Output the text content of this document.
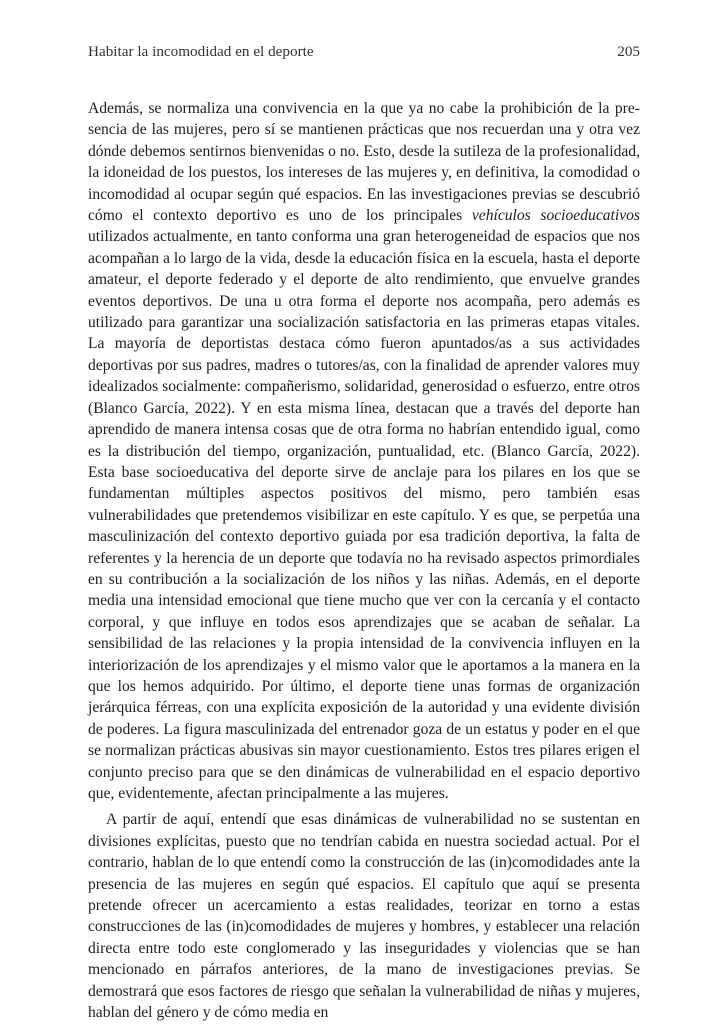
Habitar la incomodidad en el deporte	205

Además, se normaliza una convivencia en la que ya no cabe la prohibición de la presencia de las mujeres, pero sí se mantienen prácticas que nos recuerdan una y otra vez dónde debemos sentirnos bienvenidas o no. Esto, desde la sutileza de la profesionalidad, la idoneidad de los puestos, los intereses de las mujeres y, en definitiva, la comodidad o incomodidad al ocupar según qué espacios. En las investigaciones previas se descubrió cómo el contexto deportivo es uno de los principales vehículos socioeducativos utilizados actualmente, en tanto conforma una gran heterogeneidad de espacios que nos acompañan a lo largo de la vida, desde la educación física en la escuela, hasta el deporte amateur, el deporte federado y el deporte de alto rendimiento, que envuelve grandes eventos deportivos. De una u otra forma el deporte nos acompaña, pero además es utilizado para garantizar una socialización satisfactoria en las primeras etapas vitales. La mayoría de deportistas destaca cómo fueron apuntados/as a sus actividades deportivas por sus padres, madres o tutores/as, con la finalidad de aprender valores muy idealizados socialmente: compañerismo, solidaridad, generosidad o esfuerzo, entre otros (Blanco García, 2022). Y en esta misma línea, destacan que a través del deporte han aprendido de manera intensa cosas que de otra forma no habrían entendido igual, como es la distribución del tiempo, organización, puntualidad, etc. (Blanco García, 2022). Esta base socioeducativa del deporte sirve de anclaje para los pilares en los que se fundamentan múltiples aspectos positivos del mismo, pero también esas vulnerabilidades que pretendemos visibilizar en este capítulo. Y es que, se perpetúa una masculinización del contexto deportivo guiada por esa tradición deportiva, la falta de referentes y la herencia de un deporte que todavía no ha revisado aspectos primordiales en su contribución a la socialización de los niños y las niñas. Además, en el deporte media una intensidad emocional que tiene mucho que ver con la cercanía y el contacto corporal, y que influye en todos esos aprendizajes que se acaban de señalar. La sensibilidad de las relaciones y la propia intensidad de la convivencia influyen en la interiorización de los aprendizajes y el mismo valor que le aportamos a la manera en la que los hemos adquirido. Por último, el deporte tiene unas formas de organización jerárquica férreas, con una explícita exposición de la autoridad y una evidente división de poderes. La figura masculinizada del entrenador goza de un estatus y poder en el que se normalizan prácticas abusivas sin mayor cuestionamiento. Estos tres pilares erigen el conjunto preciso para que se den dinámicas de vulnerabilidad en el espacio deportivo que, evidentemente, afectan principalmente a las mujeres.

A partir de aquí, entendí que esas dinámicas de vulnerabilidad no se sustentan en divisiones explícitas, puesto que no tendrían cabida en nuestra sociedad actual. Por el contrario, hablan de lo que entendí como la construcción de las (in)comodidades ante la presencia de las mujeres en según qué espacios. El capítulo que aquí se presenta pretende ofrecer un acercamiento a estas realidades, teorizar en torno a estas construcciones de las (in)comodidades de mujeres y hombres, y establecer una relación directa entre todo este conglomerado y las inseguridades y violencias que se han mencionado en párrafos anteriores, de la mano de investigaciones previas. Se demostrará que esos factores de riesgo que señalan la vulnerabilidad de niñas y mujeres, hablan del género y de cómo media en
